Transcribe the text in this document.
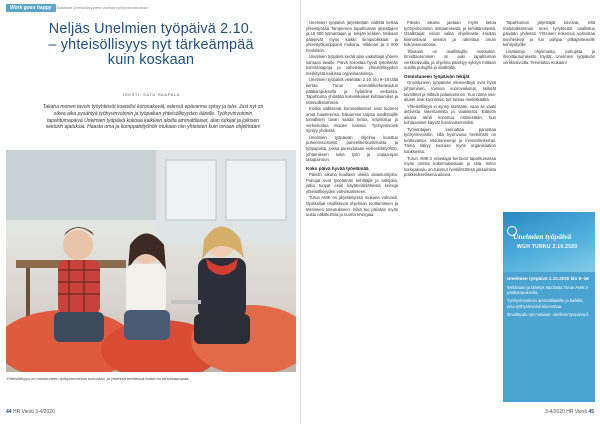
Work goes happy	Tutkitaan yhteisöllisyyden voimaa työhyvinvoinnissa
Neljäs Unelmien työpäivä 2.10.
– yhteisöllisyys nyt tärkeämpää
kuin koskaan
TEKSTI: SATU HAAPALA
Takana monen tavoin työyhteisöt koetellut koronakevät, edessä epävarma syksy ja talvi. Just nyt on oikea aika pysähtyä työhyvinvoinnin ja työpaikan yhteisöllisyyden äärelle. Työhyvinvoinnin tapahtumapäivä Unelmien työpäivä kokoaa kaikkien aloilta ammattilaiset, alan tutkijat ja julkisen sektorin ajatuksia. Haasta oma ja kumppanityöhön mukaan niin yhteisten kuin omaan ohjelmaan!
Yhteisöllisyys on onnistuneen työhyvinvoinnin kulmakivi, ja yhdessä tehtäessä kaikki on tehokkaampaa.
44 HR Viesti 3-4/2020

Unelmien työpäivä järjestetään viidettä kertaa yhteistyössä Tampereen tapahtuman järjestäjien ja 15 000 työnantajan ja -tekijän kesken. Mukaan pääsevät myös kaikki tiimipuolikkaat ja yhteistyökumppanit mukana. Viikkoon ja 3 000 henkilöön.

Unelmien työpäivä kerää alan vaikuttajat yhteen samaan lavalle. Päivä korostaa hyviä työelämän toimintatapoja ja vahvistaa yhteisöllisyyden merkitystä kaikissa organisaatioissa.

Unelmien työpäivä vietetään 2.10. klo 9–16 tällä kertaa Turun ammattikorkeakoulun pääkampuksella ja hybridinä verkossa. Tapahtuma yhdistää kasvokkaiset kohtaamiset ja etäosallistumisen.

Koska vallitsevat koronatilanteet ovat tuoneet omat haasteensa, haluamme tarjota osallistujille turvallisen tavan saada tietoa, inspiroitua ja verkostoitua muiden kanssa. Työhyvinvointi syntyy yhdessä.

Unelmien työpäivän ohjelma koostuu puheenvuoroista, paneelikeskusteluista ja työpajoista, joissa pureudutaan esihenkilötyöhön, johtamiseen sekä työn ja vapaa-ajan tasapainoon.

Koko päivä hyvää työelämää

Päivän aikana kuullaan useita asiantuntijoita. Puhujat ovat työelämän kehittäjiä ja tutkijoita, jotka tuovat esiin käytännönläheisiä keinoja yhteisöllisyyden vahvistamiseen.

Turun AMK on järjestelyissä mukana vahvasti. Opiskelijat osallistuvat ohjelman tuottamiseen ja tekniseen toteutukseen, mikä tuo päivään myös uusia näkökulmia ja nuorta energiaa.

Päivän aikana jaetaan myös tietoa työhyvinvoinnin mittaamisesta ja kehittämisestä. Osallistujat voivat valita ohjelmasta itseään kiinnostavat sessiot ja rakentaa oman kokonaisuutensa.

Tilaisuus on osallistujille maksuton. Ilmoittautuminen on auki tapahtuman verkkosivuilla, ja ohjelma päivittyy syksyn mittaan uusilla puhujilla ja sisällöillä.

Onnistuneen työpäivän tekijät

Onnistuneen työpäivän elementtejä ovat hyvä johtaminen, toimiva vuorovaikutus, selkeät tavoitteet ja riittävä palautuminen. Kun nämä osa-alueet ovat kunnossa, työ tuntuu mielekkäältä.

Yhteisöllisyys ei synny itsestään, vaan se vaatii aktiivista rakentamista ja vaalimista. Etätyön aikana tämä korostuu entisestään, kun kohtaamiset käyvät harvinaisemmiksi.

Työnantajien kannattaa panostaa työhyvinvointiin, sillä hyvinvoiva henkilöstö on tuottavampi, sitoutuneempi ja innovatiivisempi. Tämä näkyy suoraan myös organisaation tuloksessa.

Turun AMK:n edustajat kertovat tapahtumassa myös omista kokemuksistaan ja siitä, miten korkeakoulu on tukenut henkilöstönsä jaksamista poikkeuksellisena aikana.

Tapahtuman järjestäjät toivovat, että mahdollisimman moni työyhteisö osallistuu päivään yhdessä. Yhteinen kokemus vahvistaa tiimihenkeä ja luo pohjaa pitkäjänteiselle kehitystyölle.

Lisätietoja ohjelmasta, puhujista ja ilmoittautumisesta löydät Unelmien työpäivän verkkosivuilta. Tervetuloa mukaan!

Unelmien työpäivä
WGH TURKU 2.10.2020
Unelmien työpäivä 2.10.2020 klo 9–16

Webinaari ja lähetys studiosta Turun AMK:n pääkampukselta.

Työhyvinvoinnin ammattilaisille ja kaikille, joita työhyvinvointi kiinnostaa.

Ilmoittaudu nyt mukaan: unelmientyopaiva.fi

3-4/2020 HR Viesti 45
